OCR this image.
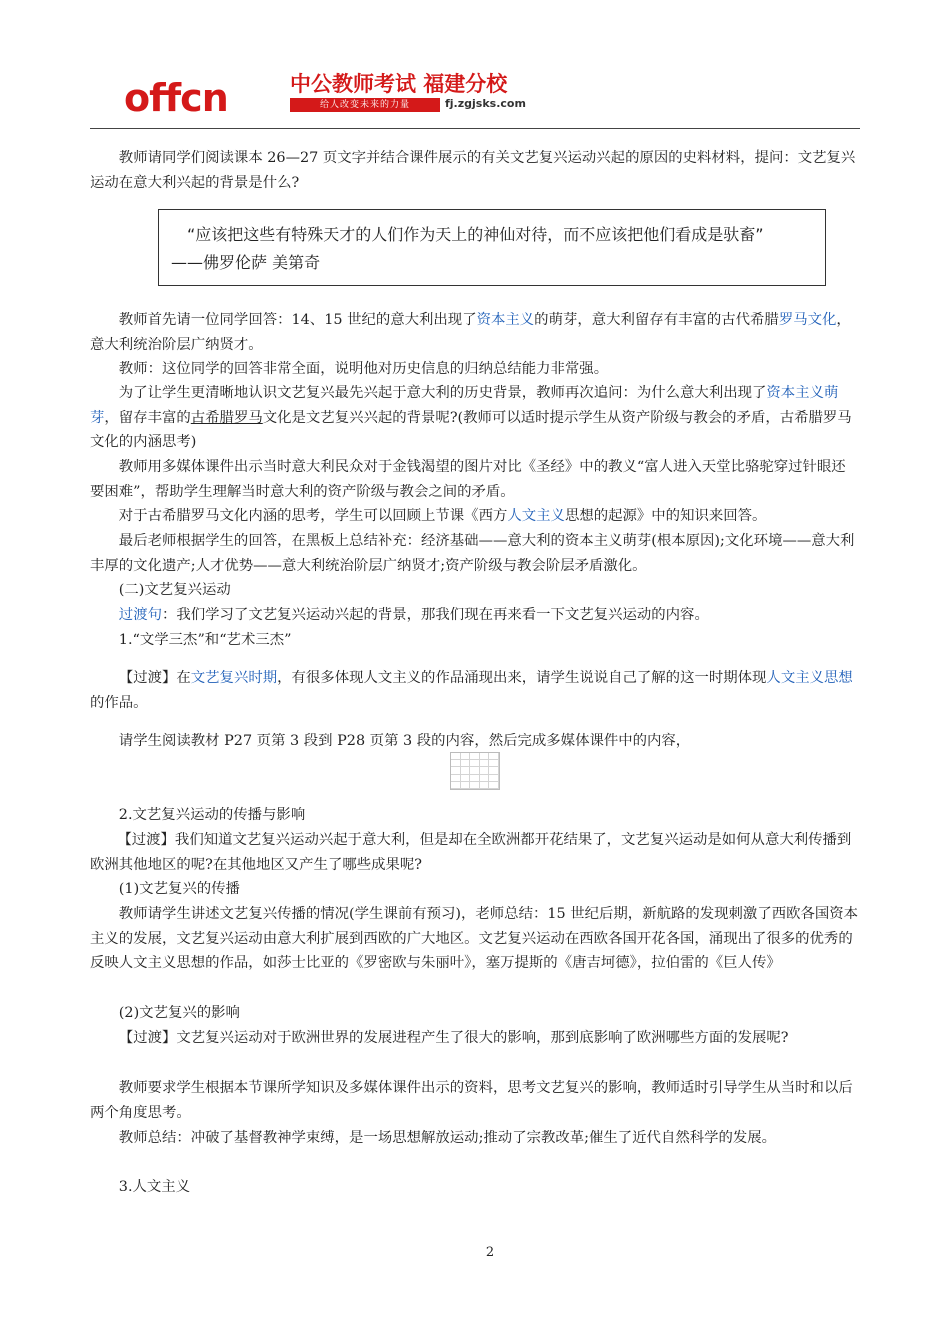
offcn	中公教师考试 福建分校
给人改变未来的力量	fj.zgjsks.com

教师请同学们阅读课本 26—27 页文字并结合课件展示的有关文艺复兴运动兴起的原因的史料材料，提问：文艺复兴运动在意大利兴起的背景是什么?

“应该把这些有特殊天才的人们作为天上的神仙对待，而不应该把他们看成是驮畜”
——佛罗伦萨 美第奇

教师首先请一位同学回答：14、15 世纪的意大利出现了资本主义的萌芽，意大利留存有丰富的古代希腊罗马文化，意大利统治阶层广纳贤才。

教师：这位同学的回答非常全面，说明他对历史信息的归纳总结能力非常强。

为了让学生更清晰地认识文艺复兴最先兴起于意大利的历史背景，教师再次追问：为什么意大利出现了资本主义萌芽，留存丰富的古希腊罗马文化是文艺复兴兴起的背景呢?(教师可以适时提示学生从资产阶级与教会的矛盾，古希腊罗马文化的内涵思考)

教师用多媒体课件出示当时意大利民众对于金钱渴望的图片对比《圣经》中的教义“富人进入天堂比骆驼穿过针眼还要困难”，帮助学生理解当时意大利的资产阶级与教会之间的矛盾。

对于古希腊罗马文化内涵的思考，学生可以回顾上节课《西方人文主义思想的起源》中的知识来回答。

最后老师根据学生的回答，在黑板上总结补充：经济基础——意大利的资本主义萌芽(根本原因);文化环境——意大利丰厚的文化遗产;人才优势——意大利统治阶层广纳贤才;资产阶级与教会阶层矛盾激化。

(二)文艺复兴运动

过渡句：我们学习了文艺复兴运动兴起的背景，那我们现在再来看一下文艺复兴运动的内容。

1.“文学三杰”和“艺术三杰”

【过渡】在文艺复兴时期，有很多体现人文主义的作品涌现出来，请学生说说自己了解的这一时期体现人文主义思想的作品。

请学生阅读教材 P27 页第 3 段到 P28 页第 3 段的内容，然后完成多媒体课件中的内容，

2.文艺复兴运动的传播与影响

【过渡】我们知道文艺复兴运动兴起于意大利，但是却在全欧洲都开花结果了，文艺复兴运动是如何从意大利传播到欧洲其他地区的呢?在其他地区又产生了哪些成果呢?

(1)文艺复兴的传播

教师请学生讲述文艺复兴传播的情况(学生课前有预习)，老师总结：15 世纪后期，新航路的发现刺激了西欧各国资本主义的发展，文艺复兴运动由意大利扩展到西欧的广大地区。文艺复兴运动在西欧各国开花各国，涌现出了很多的优秀的反映人文主义思想的作品，如莎士比亚的《罗密欧与朱丽叶》，塞万提斯的《唐吉坷德》，拉伯雷的《巨人传》

(2)文艺复兴的影响

【过渡】文艺复兴运动对于欧洲世界的发展进程产生了很大的影响，那到底影响了欧洲哪些方面的发展呢?

教师要求学生根据本节课所学知识及多媒体课件出示的资料，思考文艺复兴的影响，教师适时引导学生从当时和以后两个角度思考。

教师总结：冲破了基督教神学束缚，是一场思想解放运动;推动了宗教改革;催生了近代自然科学的发展。

3.人文主义

2
